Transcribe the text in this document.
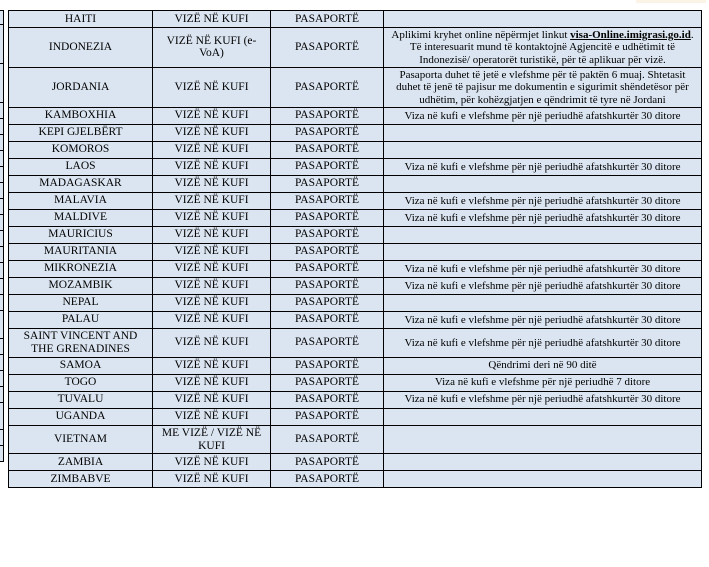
HAITI	VIZË NË KUFI	PASAPORTË	
INDONEZIA	VIZË NË KUFI (e-VoA)	PASAPORTË	Aplikimi kryhet online nëpërmjet linkut visa-Online.imigrasi.go.id. Të interesuarit mund të kontaktojnë Agjencitë e udhëtimit të Indonezisë/ operatorët turistikë, për të aplikuar për vizë.
JORDANIA	VIZË NË KUFI	PASAPORTË	Pasaporta duhet të jetë e vlefshme për të paktën 6 muaj. Shtetasit duhet të jenë të pajisur me dokumentin e sigurimit shëndetësor për udhëtim, për kohëzgjatjen e qëndrimit të tyre në Jordani
KAMBOXHIA	VIZË NË KUFI	PASAPORTË	Viza në kufi e vlefshme për një periudhë afatshkurtër 30 ditore
KEPI GJELBËRT	VIZË NË KUFI	PASAPORTË	
KOMOROS	VIZË NË KUFI	PASAPORTË	
LAOS	VIZË NË KUFI	PASAPORTË	Viza në kufi e vlefshme për një periudhë afatshkurtër 30 ditore
MADAGASKAR	VIZË NË KUFI	PASAPORTË	
MALAVIA	VIZË NË KUFI	PASAPORTË	Viza në kufi e vlefshme për një periudhë afatshkurtër 30 ditore
MALDIVE	VIZË NË KUFI	PASAPORTË	Viza në kufi e vlefshme për një periudhë afatshkurtër 30 ditore
MAURICIUS	VIZË NË KUFI	PASAPORTË	
MAURITANIA	VIZË NË KUFI	PASAPORTË	
MIKRONEZIA	VIZË NË KUFI	PASAPORTË	Viza në kufi e vlefshme për një periudhë afatshkurtër 30 ditore
MOZAMBIK	VIZË NË KUFI	PASAPORTË	Viza në kufi e vlefshme për një periudhë afatshkurtër 30 ditore
NEPAL	VIZË NË KUFI	PASAPORTË	
PALAU	VIZË NË KUFI	PASAPORTË	Viza në kufi e vlefshme për një periudhë afatshkurtër 30 ditore
SAINT VINCENT AND THE GRENADINES	VIZË NË KUFI	PASAPORTË	Viza në kufi e vlefshme për një periudhë afatshkurtër 30 ditore
SAMOA	VIZË NË KUFI	PASAPORTË	Qëndrimi deri në 90 ditë
TOGO	VIZË NË KUFI	PASAPORTË	Viza në kufi e vlefshme për një periudhë 7 ditore
TUVALU	VIZË NË KUFI	PASAPORTË	Viza në kufi e vlefshme për një periudhë afatshkurtër 30 ditore
UGANDA	VIZË NË KUFI	PASAPORTË	
VIETNAM	ME VIZË / VIZË NË KUFI	PASAPORTË	
ZAMBIA	VIZË NË KUFI	PASAPORTË	
ZIMBABVE	VIZË NË KUFI	PASAPORTË	
